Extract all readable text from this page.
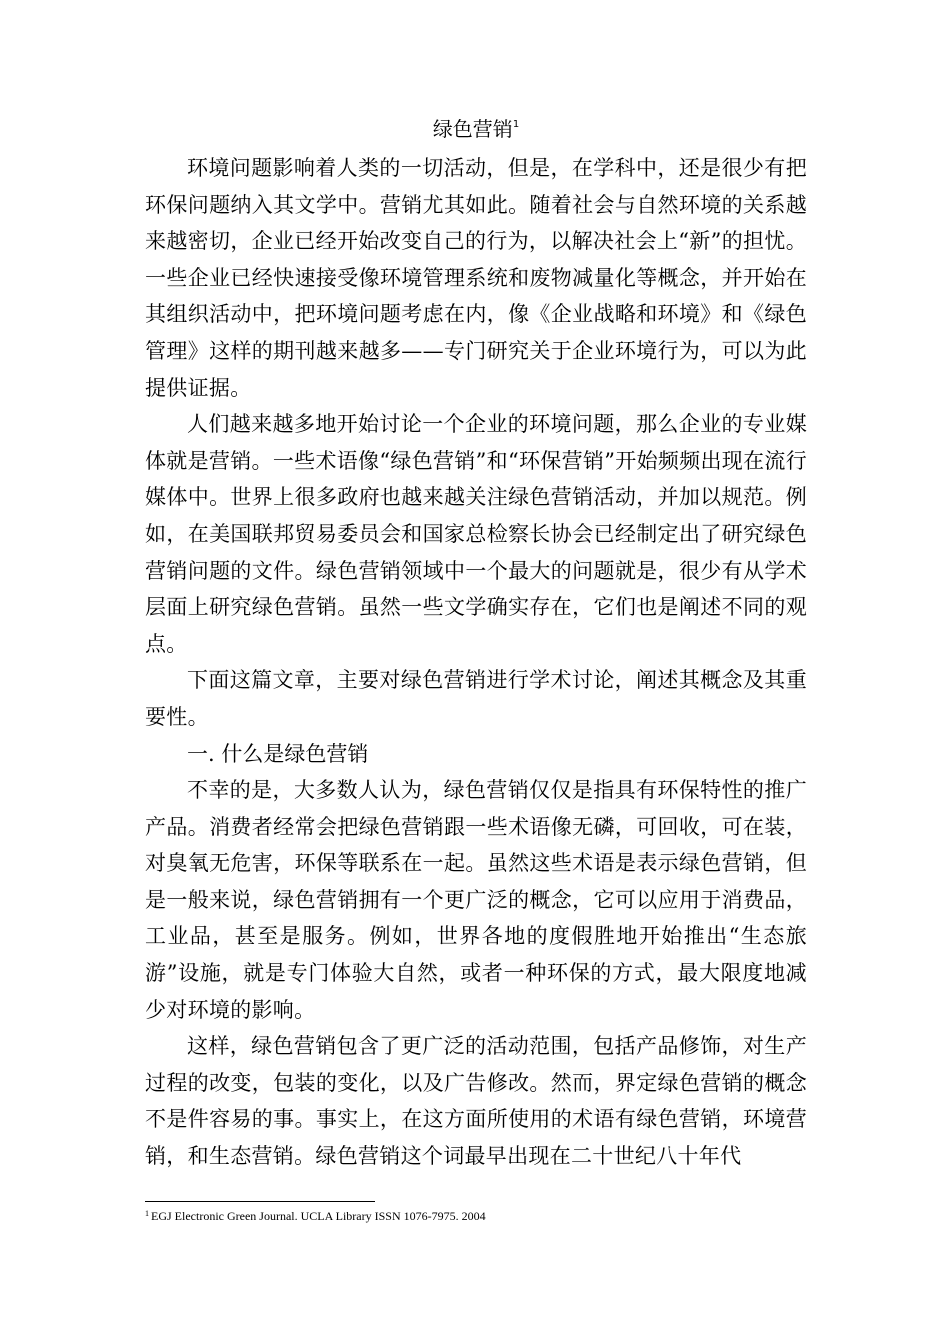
绿色营销$^1$

环境问题影响着人类的一切活动，但是，在学科中，还是很少有把环保问题纳入其文学中。营销尤其如此。随着社会与自然环境的关系越来越密切，企业已经开始改变自己的行为，以解决社会上“新”的担忧。一些企业已经快速接受像环境管理系统和废物减量化等概念，并开始在其组织活动中，把环境问题考虑在内，像《企业战略和环境》和《绿色管理》这样的期刊越来越多——专门研究关于企业环境行为，可以为此提供证据。

人们越来越多地开始讨论一个企业的环境问题，那么企业的专业媒体就是营销。一些术语像“绿色营销”和“环保营销”开始频频出现在流行媒体中。世界上很多政府也越来越关注绿色营销活动，并加以规范。例如，在美国联邦贸易委员会和国家总检察长协会已经制定出了研究绿色营销问题的文件。绿色营销领域中一个最大的问题就是，很少有从学术层面上研究绿色营销。虽然一些文学确实存在，它们也是阐述不同的观点。

下面这篇文章，主要对绿色营销进行学术讨论，阐述其概念及其重要性。

一. 什么是绿色营销

不幸的是，大多数人认为，绿色营销仅仅是指具有环保特性的推广产品。消费者经常会把绿色营销跟一些术语像无磷，可回收，可在装，对臭氧无危害，环保等联系在一起。虽然这些术语是表示绿色营销，但是一般来说，绿色营销拥有一个更广泛的概念，它可以应用于消费品，工业品，甚至是服务。例如，世界各地的度假胜地开始推出“生态旅游”设施，就是专门体验大自然，或者一种环保的方式，最大限度地减少对环境的影响。

这样，绿色营销包含了更广泛的活动范围，包括产品修饰，对生产过程的改变，包装的变化，以及广告修改。然而，界定绿色营销的概念不是件容易的事。事实上，在这方面所使用的术语有绿色营销，环境营销，和生态营销。绿色营销这个词最早出现在二十世纪八十年代

$^1$ EGJ Electronic Green Journal. UCLA Library ISSN 1076-7975. 2004
